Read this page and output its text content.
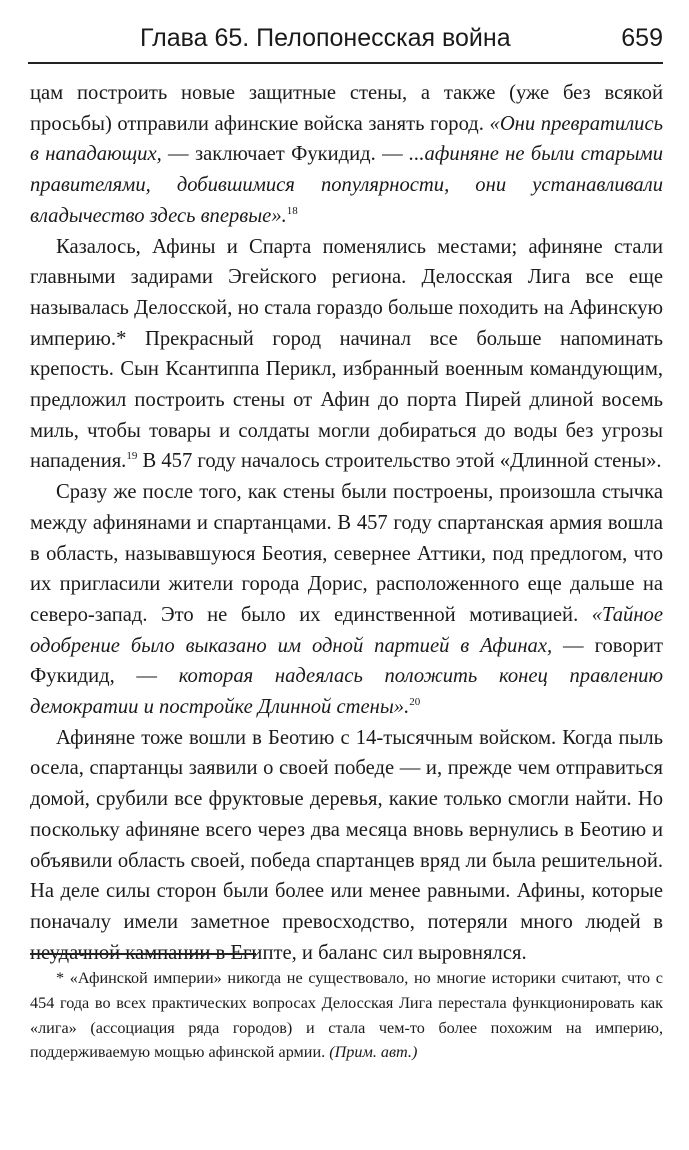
Глава 65. Пелопонесская война	659

цам построить новые защитные стены, а также (уже без всякой просьбы) отправили афинские войска занять город. «Они превратились в нападающих, — заключает Фукидид. — ...афиняне не были старыми правителями, добившимися популярности, они устанавливали владычество здесь впервые».$^{18}$

Казалось, Афины и Спарта поменялись местами; афиняне стали главными задирами Эгейского региона. Делосская Лига все еще называлась Делосской, но стала гораздо больше походить на Афинскую империю.* Прекрасный город начинал все больше напоминать крепость. Сын Ксантиппа Перикл, избранный военным командующим, предложил построить стены от Афин до порта Пирей длиной восемь миль, чтобы товары и солдаты могли добираться до воды без угрозы нападения.$^{19}$ В 457 году началось строительство этой «Длинной стены».

Сразу же после того, как стены были построены, произошла стычка между афинянами и спартанцами. В 457 году спартанская армия вошла в область, называвшуюся Беотия, севернее Аттики, под предлогом, что их пригласили жители города Дорис, расположенного еще дальше на северо-запад. Это не было их единственной мотивацией. «Тайное одобрение было выказано им одной партией в Афинах, — говорит Фукидид, — которая надеялась положить конец правлению демократии и постройке Длинной стены».$^{20}$

Афиняне тоже вошли в Беотию с 14-тысячным войском. Когда пыль осела, спартанцы заявили о своей победе — и, прежде чем отправиться домой, срубили все фруктовые деревья, какие только смогли найти. Но поскольку афиняне всего через два месяца вновь вернулись в Беотию и объявили область своей, победа спартанцев вряд ли была решительной. На деле силы сторон были более или менее равными. Афины, которые поначалу имели заметное превосходство, потеряли много людей в неудачной кампании в Египте, и баланс сил выровнялся.

* «Афинской империи» никогда не существовало, но многие историки считают, что с 454 года во всех практических вопросах Делосская Лига перестала функционировать как «лига» (ассоциация ряда городов) и стала чем-то более похожим на империю, поддерживаемую мощью афинской армии. (Прим. авт.)
